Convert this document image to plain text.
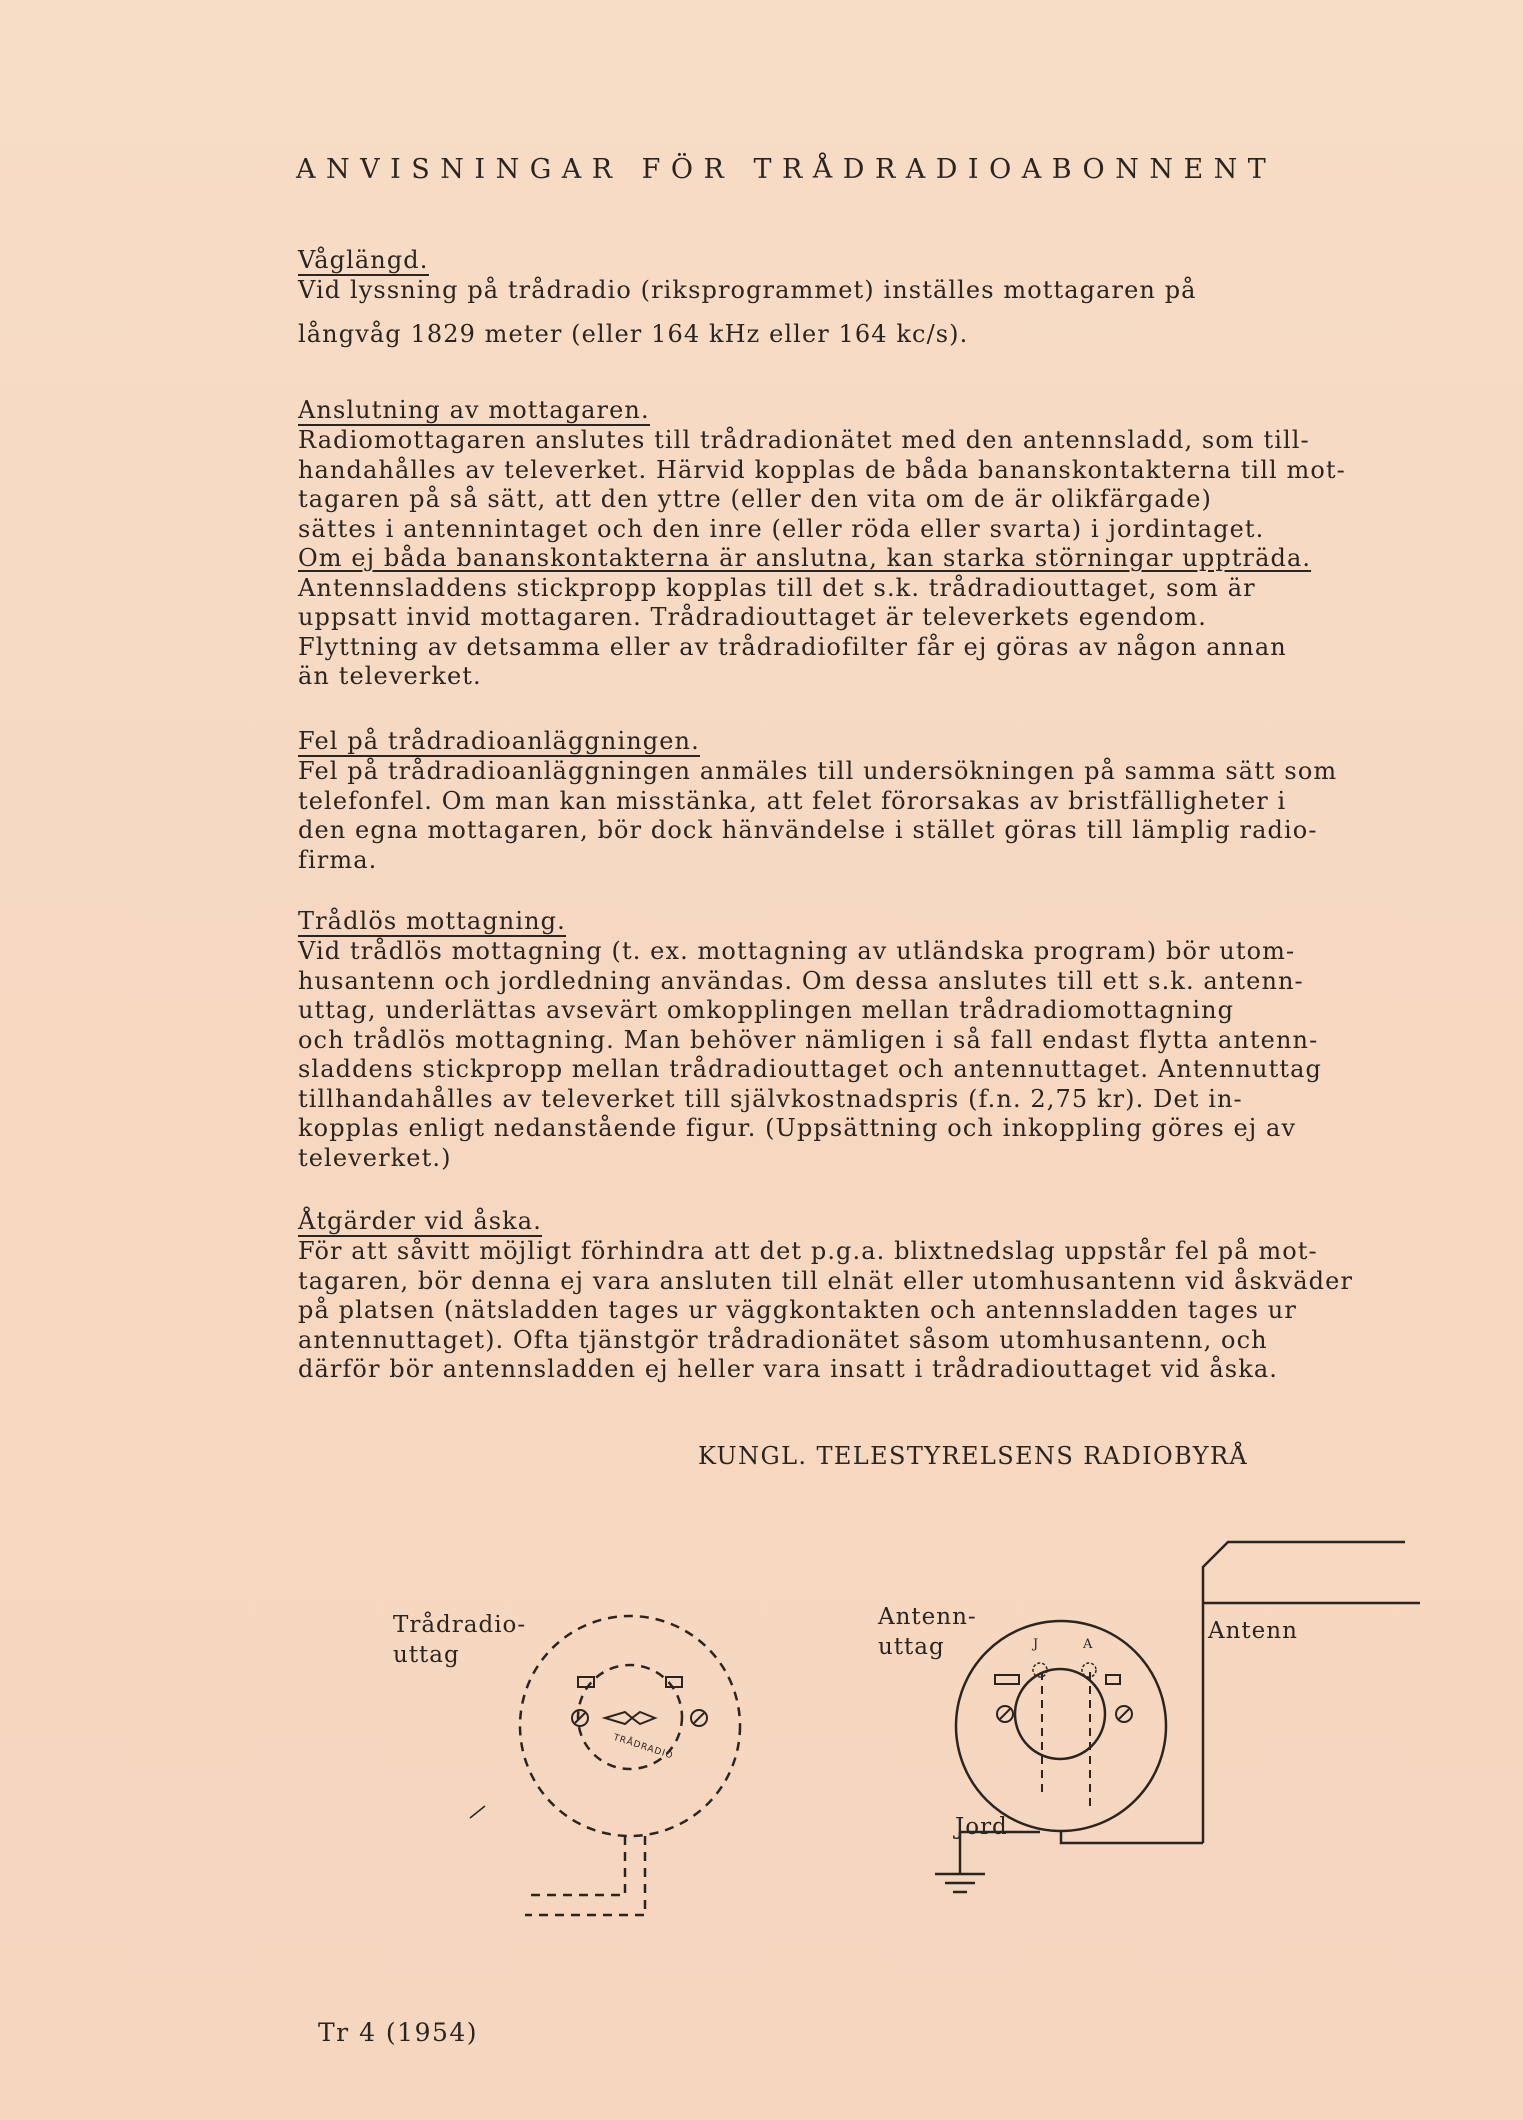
ANVISNINGAR FÖR TRÅDRADIOABONNENT
Våglängd.
Vid lyssning på trådradio (riksprogrammet) inställes mottagaren på
långvåg 1829 meter (eller 164 kHz eller 164 kc/s).
Anslutning av mottagaren.
Radiomottagaren anslutes till trådradionätet med den antennsladd, som till-
handahålles av televerket. Härvid kopplas de båda bananskontakterna till mot-
tagaren på så sätt, att den yttre (eller den vita om de är olikfärgade)
sättes i antennintaget och den inre (eller röda eller svarta) i jordintaget.
Om ej båda bananskontakterna är anslutna, kan starka störningar uppträda.
Antennsladdens stickpropp kopplas till det s.k. trådradiouttaget, som är
uppsatt invid mottagaren. Trådradiouttaget är televerkets egendom.
Flyttning av detsamma eller av trådradiofilter får ej göras av någon annan
än televerket.
Fel på trådradioanläggningen.
Fel på trådradioanläggningen anmäles till undersökningen på samma sätt som
telefonfel. Om man kan misstänka, att felet förorsakas av bristfälligheter i
den egna mottagaren, bör dock hänvändelse i stället göras till lämplig radio-
firma.
Trådlös mottagning.
Vid trådlös mottagning (t. ex. mottagning av utländska program) bör utom-
husantenn och jordledning användas. Om dessa anslutes till ett s.k. antenn-
uttag, underlättas avsevärt omkopplingen mellan trådradiomottagning
och trådlös mottagning. Man behöver nämligen i så fall endast flytta antenn-
sladdens stickpropp mellan trådradiouttaget och antennuttaget. Antennuttag
tillhandahålles av televerket till självkostnadspris (f.n. 2,75 kr). Det in-
kopplas enligt nedanstående figur. (Uppsättning och inkoppling göres ej av
televerket.)
Åtgärder vid åska.
För att såvitt möjligt förhindra att det p.g.a. blixtnedslag uppstår fel på mot-
tagaren, bör denna ej vara ansluten till elnät eller utomhusantenn vid åskväder
på platsen (nätsladden tages ur väggkontakten och antennsladden tages ur
antennuttaget). Ofta tjänstgör trådradionätet såsom utomhusantenn, och
därför bör antennsladden ej heller vara insatt i trådradiouttaget vid åska.
KUNGL. TELESTYRELSENS RADIOBYRÅ
TRÅDRADIO
J	A
Trådradio-
uttag
Antenn-
uttag
Antenn
Jord
Tr 4 (1954)
